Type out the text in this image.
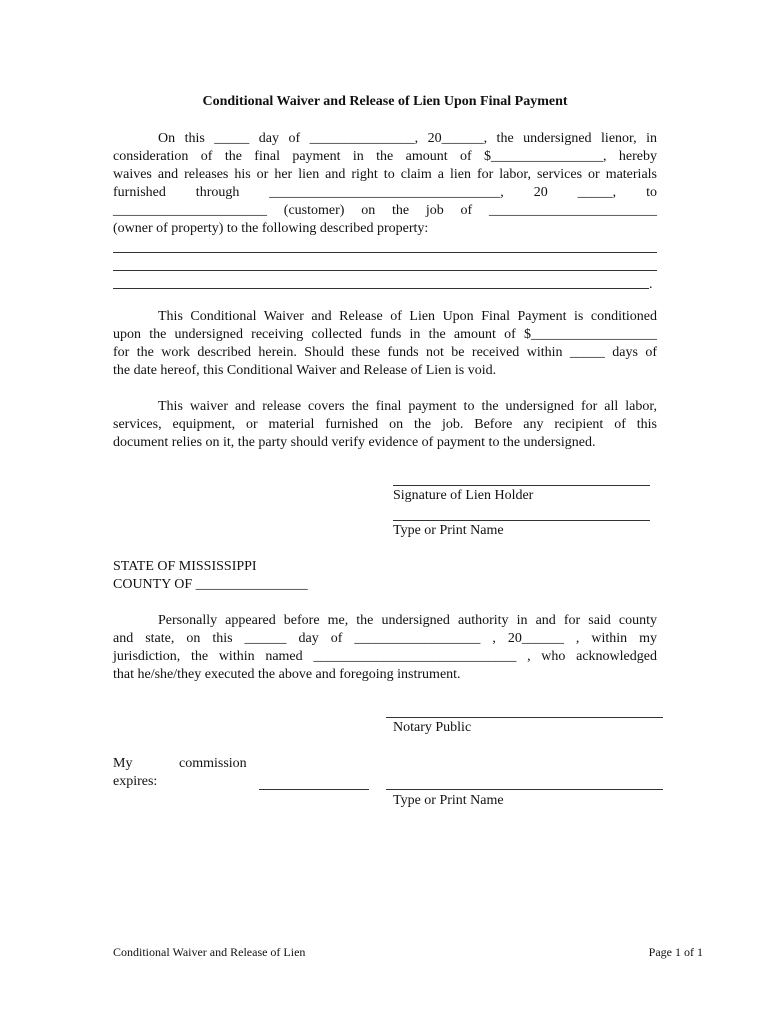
Conditional Waiver and Release of Lien Upon Final Payment
On this _____ day of _______________, 20______, the undersigned lienor, in
consideration of the final payment in the amount of $________________, hereby
waives and releases his or her lien and right to claim a lien for labor, services or materials
furnished through _________________________________, 20 _____, to
______________________ (customer) on the job of ________________________
(owner of property) to the following described property:
.
This Conditional Waiver and Release of Lien Upon Final Payment is conditioned
upon the undersigned receiving collected funds in the amount of $__________________
for the work described herein. Should these funds not be received within _____ days of
the date hereof, this Conditional Waiver and Release of Lien is void.
This waiver and release covers the final payment to the undersigned for all labor,
services, equipment, or material furnished on the job. Before any recipient of this
document relies on it, the party should verify evidence of payment to the undersigned.
Signature of Lien Holder
Type or Print Name
STATE OF MISSISSIPPI
COUNTY OF ________________
Personally appeared before me, the undersigned authority in and for said county
and state, on this ______ day of __________________ , 20______ , within my
jurisdiction, the within named _____________________________ , who acknowledged
that he/she/they executed the above and foregoing instrument.
Notary Public
My	commission
expires:
Type or Print Name
Conditional Waiver and Release of Lien	Page 1 of 1
